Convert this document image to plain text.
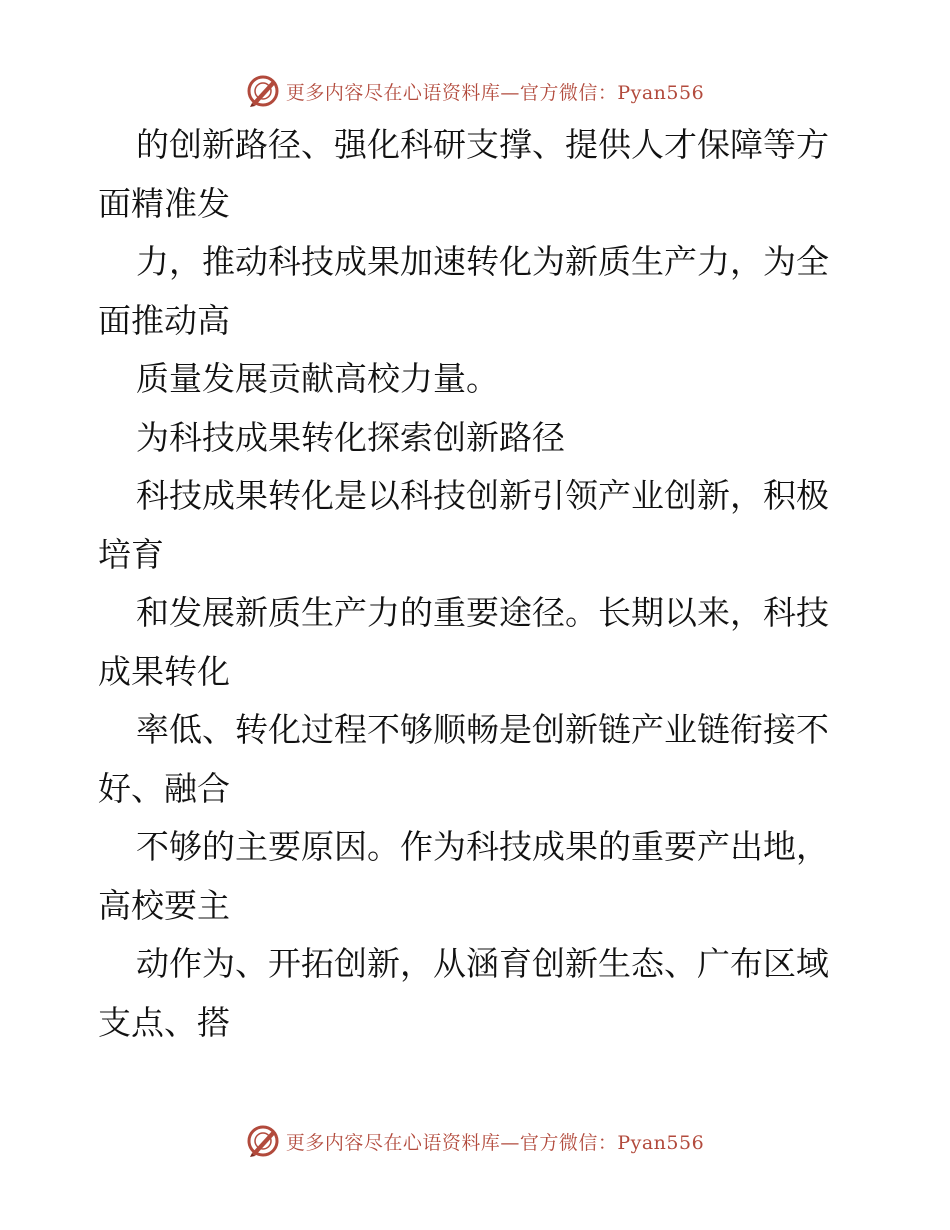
更多内容尽在心语资料库—官方微信：Pyan556
的创新路径、强化科研支撑、提供人才保障等方
面精准发
力，推动科技成果加速转化为新质生产力，为全
面推动高
质量发展贡献高校力量。
为科技成果转化探索创新路径
科技成果转化是以科技创新引领产业创新，积极
培育
和发展新质生产力的重要途径。长期以来，科技
成果转化
率低、转化过程不够顺畅是创新链产业链衔接不
好、融合
不够的主要原因。作为科技成果的重要产出地，
高校要主
动作为、开拓创新，从涵育创新生态、广布区域
支点、搭
更多内容尽在心语资料库—官方微信：Pyan556
